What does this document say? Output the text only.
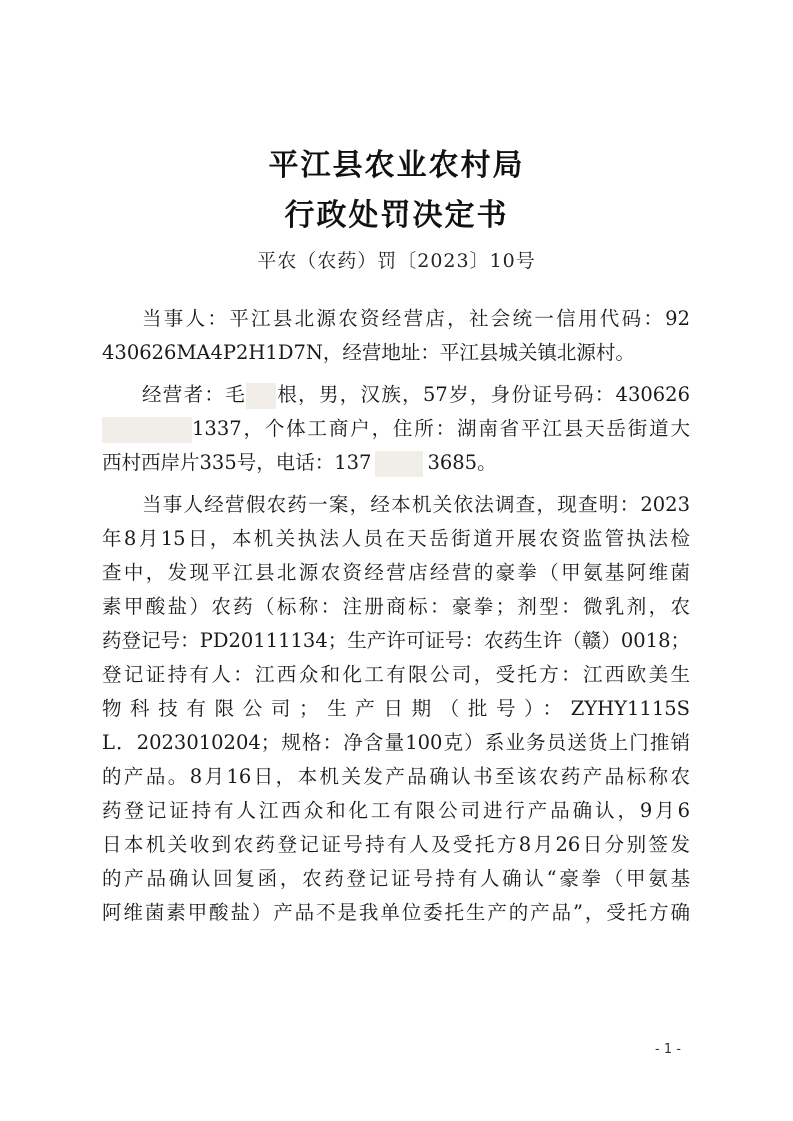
平江县农业农村局
行政处罚决定书
平农（农药）罚〔2023〕10号
当事人：平江县北源农资经营店，社会统一信用代码：92
430626MA4P2H1D7N，经营地址：平江县城关镇北源村。
经营者：毛 根，男，汉族，57岁，身份证号码：430626
1337，个体工商户，住所：湖南省平江县天岳街道大
西村西岸片335号，电话：137	3685。
当事人经营假农药一案，经本机关依法调查，现查明：2023
年8月15日，本机关执法人员在天岳街道开展农资监管执法检
查中，发现平江县北源农资经营店经营的豪拳（甲氨基阿维菌
素甲酸盐）农药（标称：注册商标：豪拳；剂型：微乳剂，农
药登记号：PD20111134；生产许可证号：农药生许（赣）0018；
登记证持有人：江西众和化工有限公司，受托方：江西欧美生
物科技有限公司；生产日期（批号）：ZYHY1115S
L．2023010204；规格：净含量100克）系业务员送货上门推销
的产品。8月16日，本机关发产品确认书至该农药产品标称农
药登记证持有人江西众和化工有限公司进行产品确认，9月6
日本机关收到农药登记证号持有人及受托方8月26日分别签发
的产品确认回复函，农药登记证号持有人确认“豪拳（甲氨基
阿维菌素甲酸盐）产品不是我单位委托生产的产品”，受托方确
- 1 -
